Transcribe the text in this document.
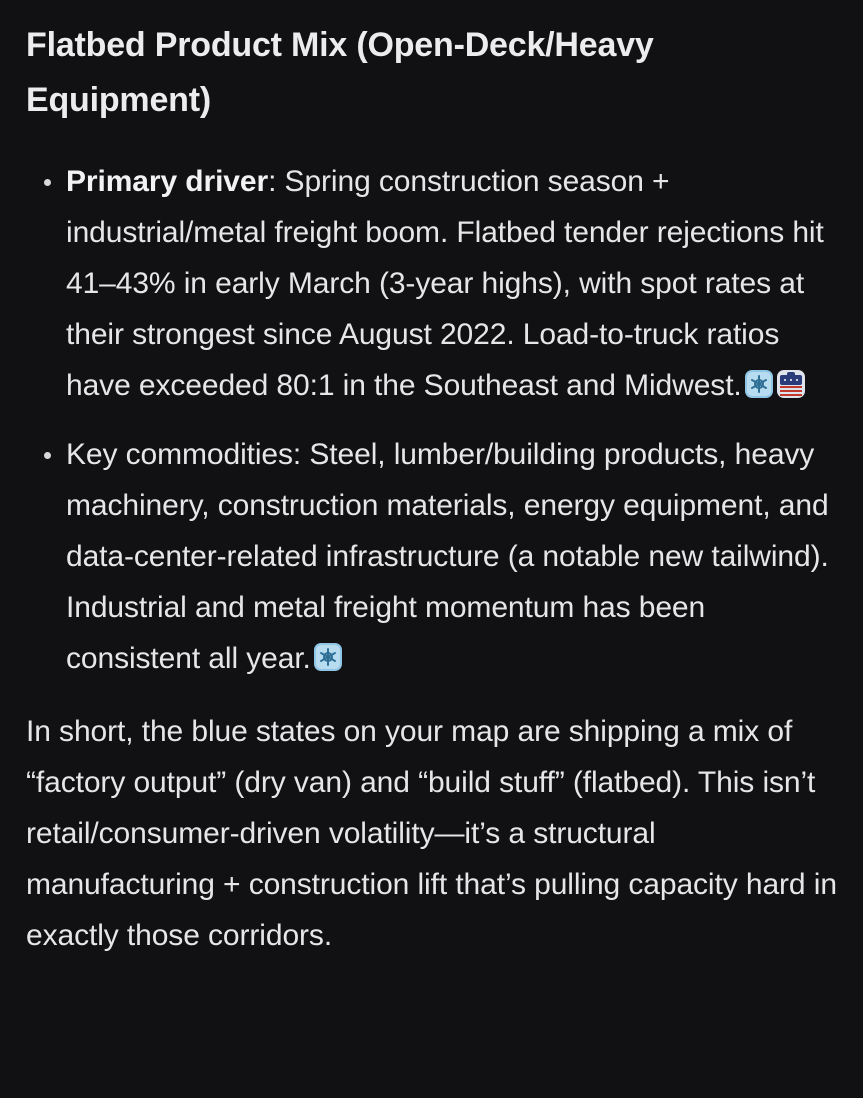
Flatbed Product Mix (Open-Deck/Heavy
Equipment)
Primary driver: Spring construction season + industrial/metal freight boom. Flatbed tender rejections hit 41–43% in early March (3-year highs), with spot rates at their strongest since August 2022. Load-to-truck ratios have exceeded 80:1 in the Southeast and Midwest.
Key commodities: Steel, lumber/building products, heavy machinery, construction materials, energy equipment, and data-center-related infrastructure (a notable new tailwind). Industrial and metal freight momentum has been consistent all year.

In short, the blue states on your map are shipping a mix of “factory output” (dry van) and “build stuff” (flatbed). This isn’t retail/consumer-driven volatility—it’s a structural manufacturing + construction lift that’s pulling capacity hard in exactly those corridors.
